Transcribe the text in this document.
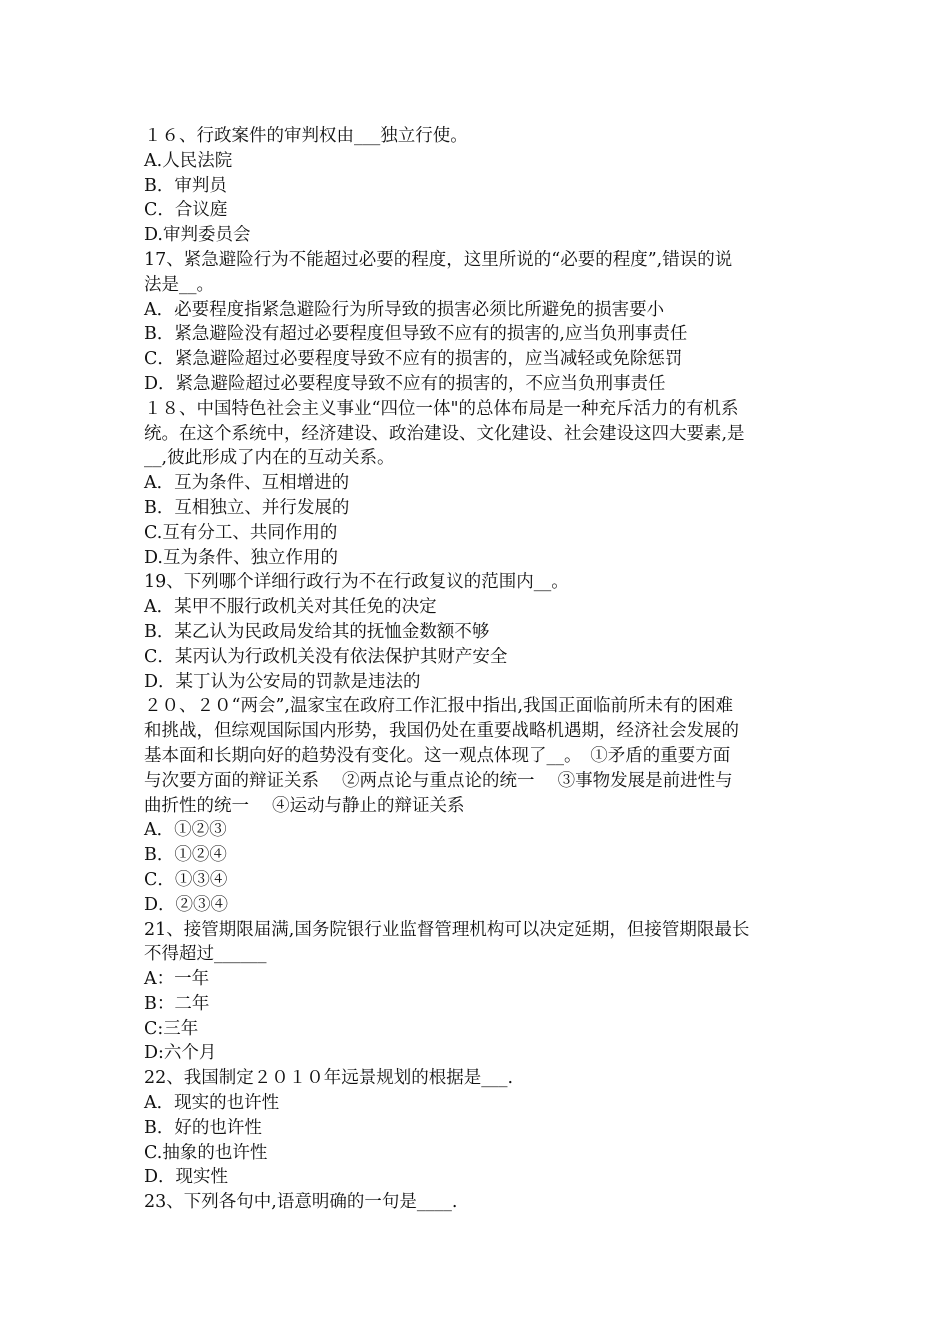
１６、行政案件的审判权由___独立行使。
A.人民法院
B．审判员
C．合议庭
D.审判委员会
17、紧急避险行为不能超过必要的程度，这里所说的“必要的程度”,错误的说
法是__。
A．必要程度指紧急避险行为所导致的损害必须比所避免的损害要小
B．紧急避险没有超过必要程度但导致不应有的损害的,应当负刑事责任
C．紧急避险超过必要程度导致不应有的损害的，应当减轻或免除惩罚
D．紧急避险超过必要程度导致不应有的损害的，不应当负刑事责任
１８、中国特色社会主义事业“四位一体"的总体布局是一种充斥活力的有机系
统。在这个系统中，经济建设、政治建设、文化建设、社会建设这四大要素,是
__,彼此形成了内在的互动关系。
A．互为条件、互相增进的
B．互相独立、并行发展的
C.互有分工、共同作用的
D.互为条件、独立作用的
19、下列哪个详细行政行为不在行政复议的范围内__。
A．某甲不服行政机关对其任免的决定
B．某乙认为民政局发给其的抚恤金数额不够
C．某丙认为行政机关没有依法保护其财产安全
D．某丁认为公安局的罚款是违法的
２０、２０“两会”,温家宝在政府工作汇报中指出,我国正面临前所未有的困难
和挑战，但综观国际国内形势，我国仍处在重要战略机遇期，经济社会发展的
基本面和长期向好的趋势没有变化。这一观点体现了__。　①矛盾的重要方面
与次要方面的辩证关系　 ②两点论与重点论的统一　 ③事物发展是前进性与
曲折性的统一　 ④运动与静止的辩证关系
A．①②③
B．①②④
C．①③④
D．②③④
21、接管期限届满,国务院银行业监督管理机构可以决定延期，但接管期限最长
不得超过______
A：一年
B：二年
C:三年
D:六个月
22、我国制定２０１０年远景规划的根据是___.
A．现实的也许性
B．好的也许性
C.抽象的也许性
D．现实性
23、下列各句中,语意明确的一句是____.
